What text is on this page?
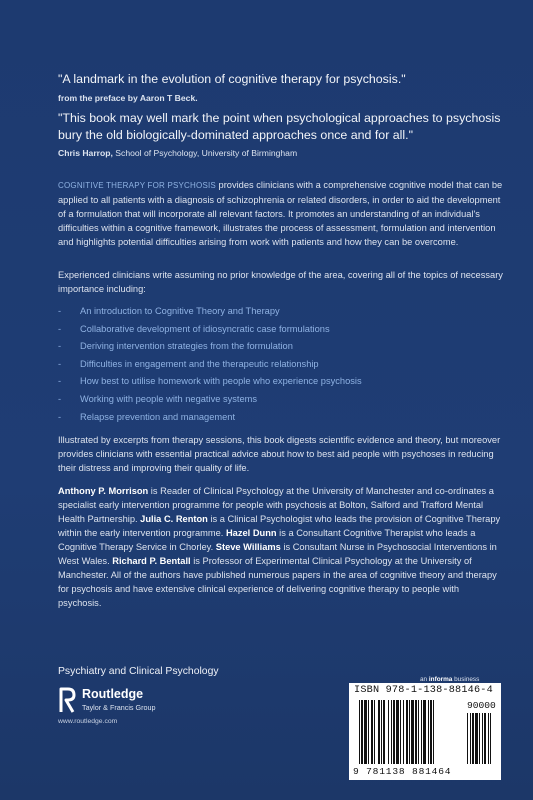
"A landmark in the evolution of cognitive therapy for psychosis."
from the preface by Aaron T Beck.
"This book may well mark the point when psychological approaches to psychosis bury the old biologically-dominated approaches once and for all."
Chris Harrop, School of Psychology, University of Birmingham
COGNITIVE THERAPY FOR PSYCHOSIS provides clinicians with a comprehensive cognitive model that can be applied to all patients with a diagnosis of schizophrenia or related disorders, in order to aid the development of a formulation that will incorporate all relevant factors. It promotes an understanding of an individual's difficulties within a cognitive framework, illustrates the process of assessment, formulation and intervention and highlights potential difficulties arising from work with patients and how they can be overcome.
Experienced clinicians write assuming no prior knowledge of the area, covering all of the topics of necessary importance including:
- An introduction to Cognitive Theory and Therapy
- Collaborative development of idiosyncratic case formulations
- Deriving intervention strategies from the formulation
- Difficulties in engagement and the therapeutic relationship
- How best to utilise homework with people who experience psychosis
- Working with people with negative systems
- Relapse prevention and management
Illustrated by excerpts from therapy sessions, this book digests scientific evidence and theory, but moreover provides clinicians with essential practical advice about how to best aid people with psychoses in reducing their distress and improving their quality of life.
Anthony P. Morrison is Reader of Clinical Psychology at the University of Manchester and co-ordinates a specialist early intervention programme for people with psychosis at Bolton, Salford and Trafford Mental Health Partnership. Julia C. Renton is a Clinical Psychologist who leads the provision of Cognitive Therapy within the early intervention programme. Hazel Dunn is a Consultant Cognitive Therapist who leads a Cognitive Therapy Service in Chorley. Steve Williams is Consultant Nurse in Psychosocial Interventions in West Wales. Richard P. Bentall is Professor of Experimental Clinical Psychology at the University of Manchester. All of the authors have published numerous papers in the area of cognitive theory and therapy for psychosis and have extensive clinical experience of delivering cognitive therapy to people with psychosis.
Psychiatry and Clinical Psychology
Routledge
Taylor & Francis Group
www.routledge.com
an informa business
ISBN 978-1-138-88146-4
90000
9 781138 881464
